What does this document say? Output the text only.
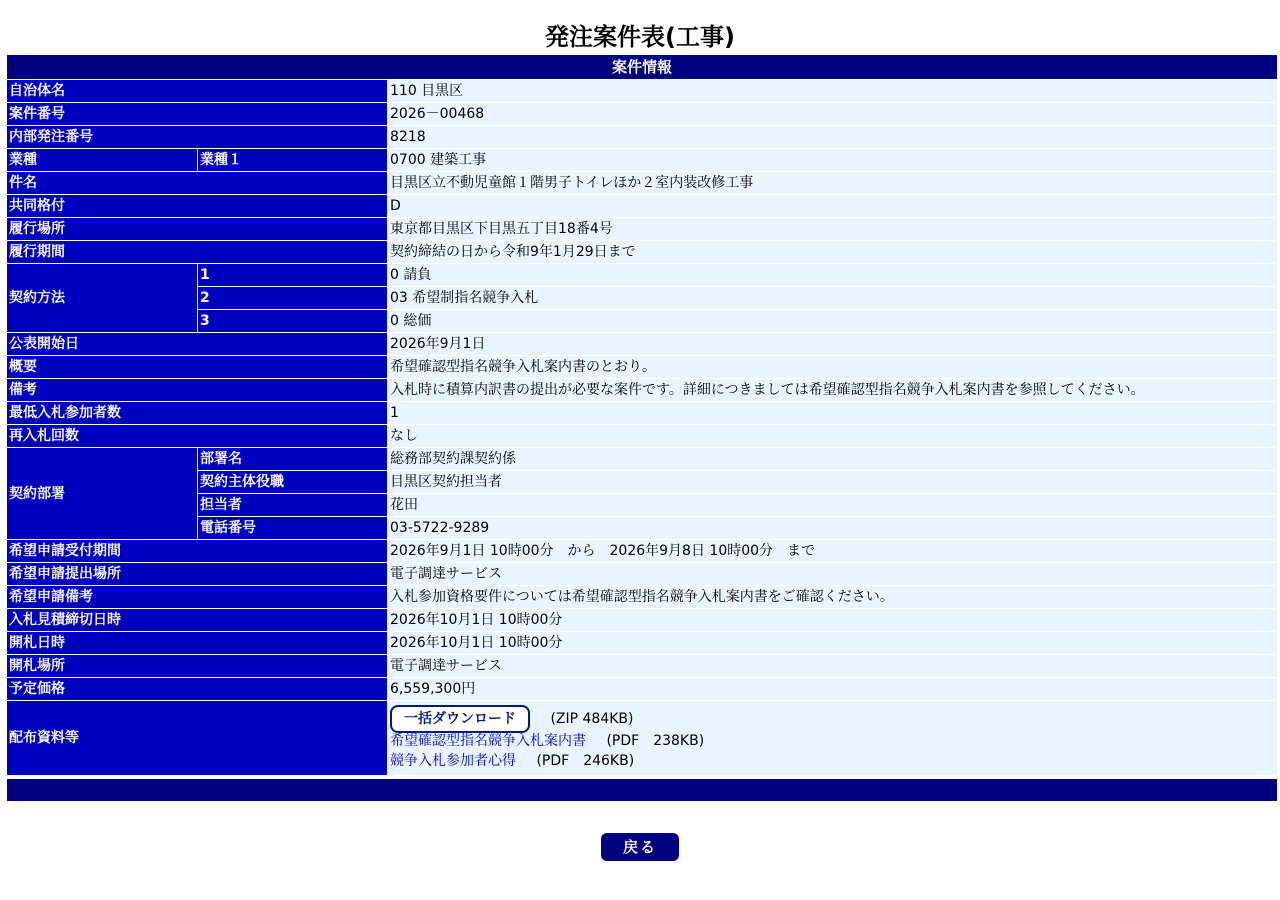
発注案件表(工事)
案件情報		
自治体名		110 目黒区
案件番号		2026－00468
内部発注番号		8218
業種	業種１	0700 建築工事
件名		目黒区立不動児童館１階男子トイレほか２室内装改修工事
共同格付		D
履行場所		東京都目黒区下目黒五丁目18番4号
履行期間		契約締結の日から令和9年1月29日まで
契約方法	1	0 請負
	2	03 希望制指名競争入札
	3	0 総価
公表開始日		2026年9月1日
概要		希望確認型指名競争入札案内書のとおり。
備考		入札時に積算内訳書の提出が必要な案件です。詳細につきましては希望確認型指名競争入札案内書を参照してください。
最低入札参加者数		1
再入札回数		なし
契約部署	部署名	総務部契約課契約係
	契約主体役職	目黒区契約担当者
	担当者	花田
	電話番号	03-5722-9289
希望申請受付期間		2026年9月1日 10時00分　から　2026年9月8日 10時00分　まで
希望申請提出場所		電子調達サービス
希望申請備考		入札参加資格要件については希望確認型指名競争入札案内書をご確認ください。
入札見積締切日時		2026年10月1日 10時00分
開札日時		2026年10月1日 10時00分
開札場所		電子調達サービス
予定価格		6,559,300円
配布資料等		一括ダウンロード (ZIP 484KB)
希望確認型指名競争入札案内書 (PDF　238KB)
競争入札参加者心得 (PDF　246KB)

戻る
